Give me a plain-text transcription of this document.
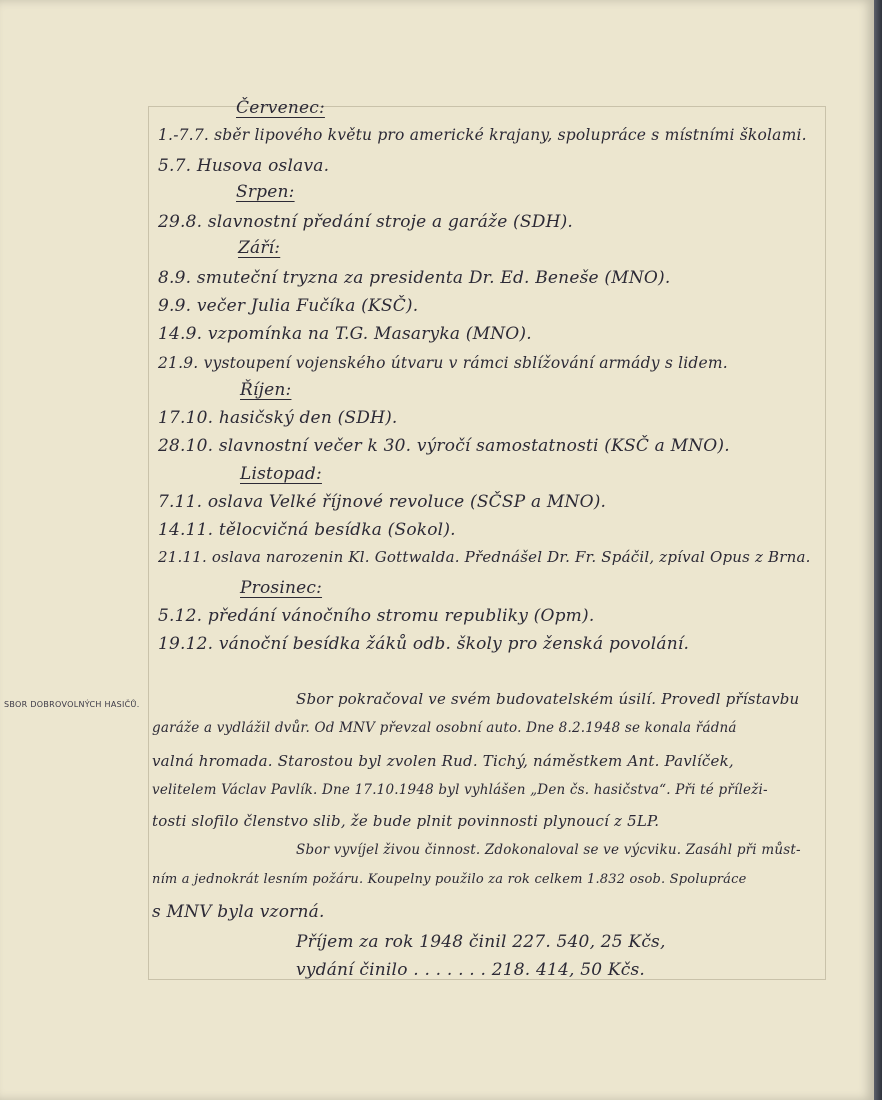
SBOR DOBROVOLNÝCH HASIČŮ.
Červenec:
1.-7.7. sběr lipového květu pro americké krajany, spolupráce s místními školami.
5.7. Husova oslava.
Srpen:
29.8. slavnostní předání stroje a garáže (SDH).
Září:
8.9. smuteční tryzna za presidenta Dr. Ed. Beneše (MNO).
9.9. večer Julia Fučíka (KSČ).
14.9. vzpomínka na T.G. Masaryka (MNO).
21.9. vystoupení vojenského útvaru v rámci sblížování armády s lidem.
Říjen:
17.10. hasičský den (SDH).
28.10. slavnostní večer k 30. výročí samostatnosti (KSČ a MNO).
Listopad:
7.11. oslava Velké říjnové revoluce (SČSP a MNO).
14.11. tělocvičná besídka (Sokol).
21.11. oslava narozenin Kl. Gottwalda. Přednášel Dr. Fr. Spáčil, zpíval Opus z Brna.
Prosinec:
5.12. předání vánočního stromu republiky (Opm).
19.12. vánoční besídka žáků odb. školy pro ženská povolání.
Sbor pokračoval ve svém budovatelském úsilí. Provedl přístavbu
garáže a vydlážil dvůr. Od MNV převzal osobní auto. Dne 8.2.1948 se konala řádná
valná hromada. Starostou byl zvolen Rud. Tichý, náměstkem Ant. Pavlíček,
velitelem Václav Pavlík. Dne 17.10.1948 byl vyhlášen „Den čs. hasičstva“. Při té příleži-
tosti slofilo členstvo slib, že bude plnit povinnosti plynoucí z 5LP.
Sbor vyvíjel živou činnost. Zdokonaloval se ve výcviku. Zasáhl při můst-
ním a jednokrát lesním požáru. Koupelny použilo za rok celkem 1.832 osob. Spolupráce
s MNV byla vzorná.
Příjem za rok 1948 činil 227. 540, 25 Kčs,
vydání činilo . . . . . . . 218. 414, 50 Kčs.
